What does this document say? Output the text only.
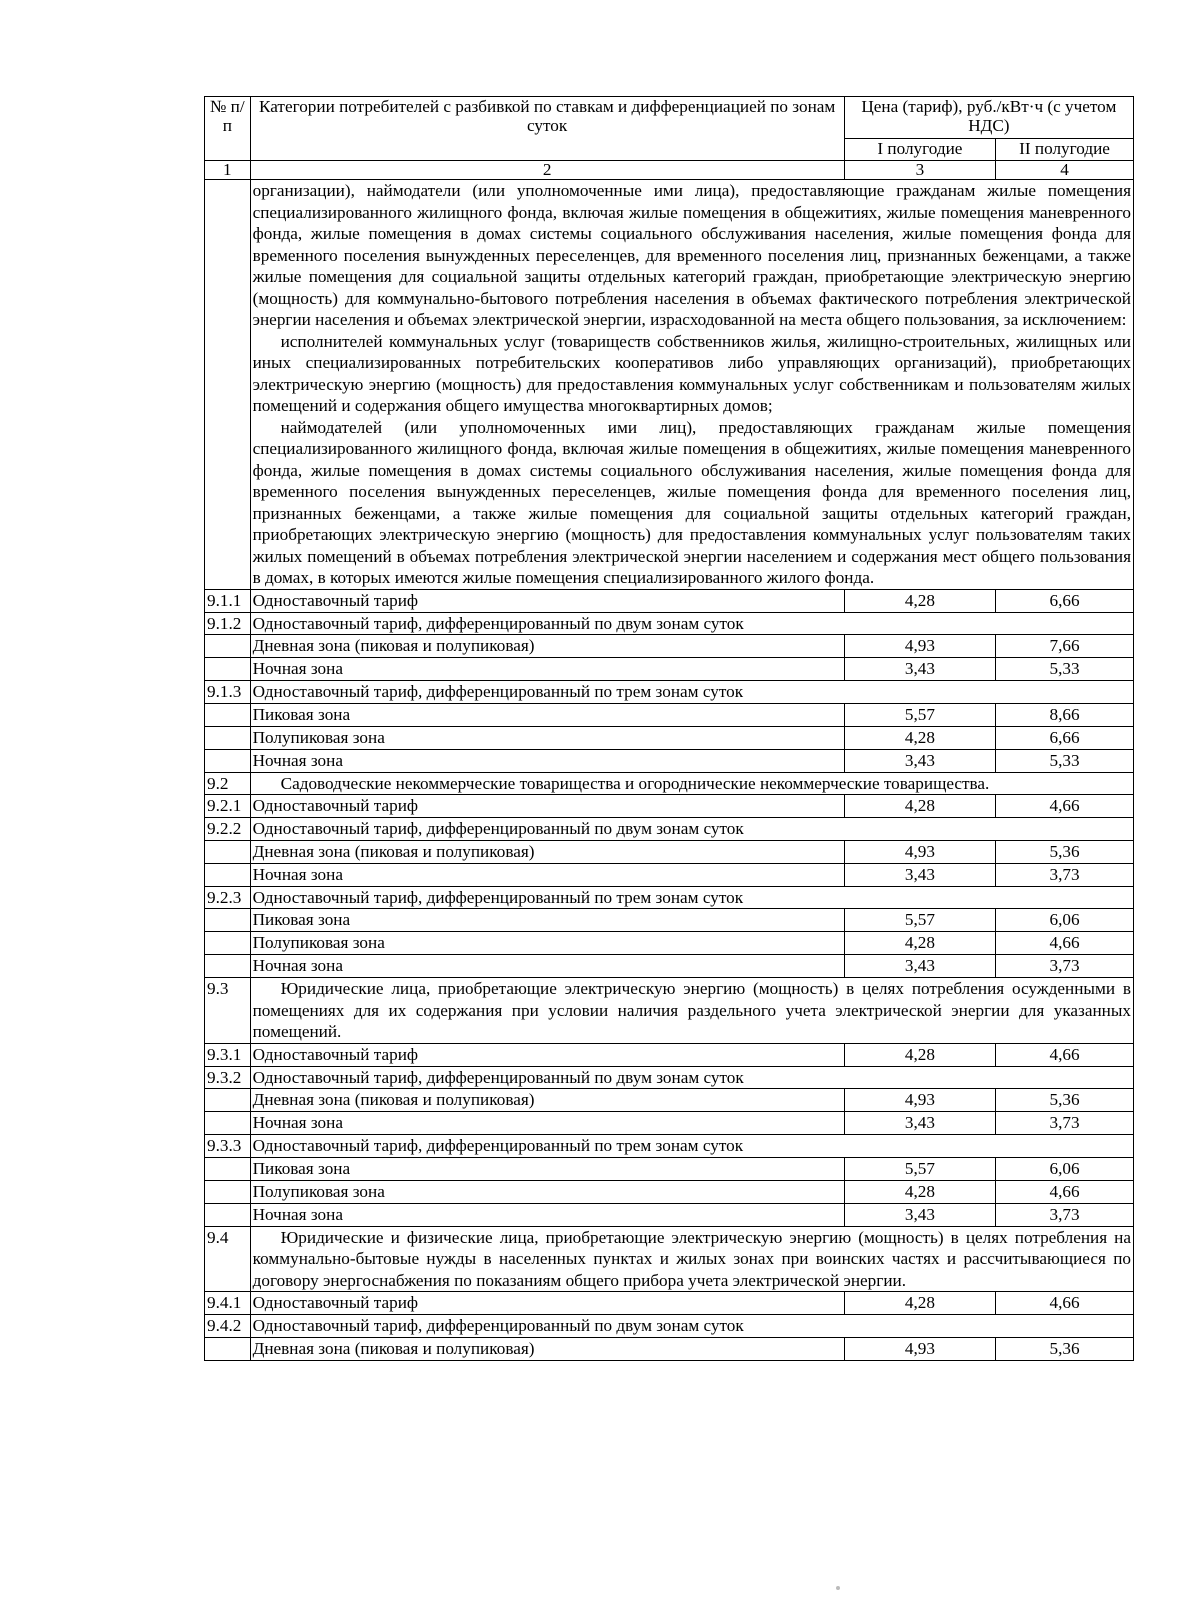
№ п/п	Категории потребителей с разбивкой по ставкам и дифференциацией по зонам суток	Цена (тариф), руб./кВт·ч (с учетом НДС)	
		I полугодие	II полугодие
1	2	3	4

	организации), наймодатели (или уполномоченные ими лица), предоставляющие гражданам жилые помещения специализированного жилищного фонда, включая жилые помещения в общежитиях, жилые помещения маневренного фонда, жилые помещения в домах системы социального обслуживания населения, жилые помещения фонда для временного поселения вынужденных переселенцев, для временного поселения лиц, признанных беженцами, а также жилые помещения для социальной защиты отдельных категорий граждан, приобретающие электрическую энергию (мощность) для коммунально-бытового потребления населения в объемах фактического потребления электрической энергии населения и объемах электрической энергии, израсходованной на места общего пользования, за исключением:

исполнителей коммунальных услуг (товариществ собственников жилья, жилищно-строительных, жилищных или иных специализированных потребительских кооперативов либо управляющих организаций), приобретающих электрическую энергию (мощность) для предоставления коммунальных услуг собственникам и пользователям жилых помещений и содержания общего имущества многоквартирных домов;

наймодателей (или уполномоченных ими лиц), предоставляющих гражданам жилые помещения специализированного жилищного фонда, включая жилые помещения в общежитиях, жилые помещения маневренного фонда, жилые помещения в домах системы социального обслуживания населения, жилые помещения фонда для временного поселения вынужденных переселенцев, жилые помещения фонда для временного поселения лиц, признанных беженцами, а также жилые помещения для социальной защиты отдельных категорий граждан, приобретающих электрическую энергию (мощность) для предоставления коммунальных услуг пользователям таких жилых помещений в объемах потребления электрической энергии населением и содержания мест общего пользования в домах, в которых имеются жилые помещения специализированного жилого фонда.		

9.1.1	Одноставочный тариф	4,28	6,66
9.1.2	Одноставочный тариф, дифференцированный по двум зонам суток		
	Дневная зона (пиковая и полупиковая)	4,93	7,66
	Ночная зона	3,43	5,33
9.1.3	Одноставочный тариф, дифференцированный по трем зонам суток		
	Пиковая зона	5,57	8,66
	Полупиковая зона	4,28	6,66
	Ночная зона	3,43	5,33
9.2	Садоводческие некоммерческие товарищества и огороднические некоммерческие товарищества.		

9.2.1	Одноставочный тариф	4,28	4,66
9.2.2	Одноставочный тариф, дифференцированный по двум зонам суток		
	Дневная зона (пиковая и полупиковая)	4,93	5,36
	Ночная зона	3,43	3,73
9.2.3	Одноставочный тариф, дифференцированный по трем зонам суток		
	Пиковая зона	5,57	6,06
	Полупиковая зона	4,28	4,66
	Ночная зона	3,43	3,73
9.3	Юридические лица, приобретающие электрическую энергию (мощность) в целях потребления осужденными в помещениях для их содержания при условии наличия раздельного учета электрической энергии для указанных помещений.		

9.3.1	Одноставочный тариф	4,28	4,66
9.3.2	Одноставочный тариф, дифференцированный по двум зонам суток		
	Дневная зона (пиковая и полупиковая)	4,93	5,36
	Ночная зона	3,43	3,73
9.3.3	Одноставочный тариф, дифференцированный по трем зонам суток		
	Пиковая зона	5,57	6,06
	Полупиковая зона	4,28	4,66
	Ночная зона	3,43	3,73
9.4	Юридические и физические лица, приобретающие электрическую энергию (мощность) в целях потребления на коммунально-бытовые нужды в населенных пунктах и жилых зонах при воинских частях и рассчитывающиеся по договору энергоснабжения по показаниям общего прибора учета электрической энергии.		

9.4.1	Одноставочный тариф	4,28	4,66
9.4.2	Одноставочный тариф, дифференцированный по двум зонам суток		
	Дневная зона (пиковая и полупиковая)	4,93	5,36
